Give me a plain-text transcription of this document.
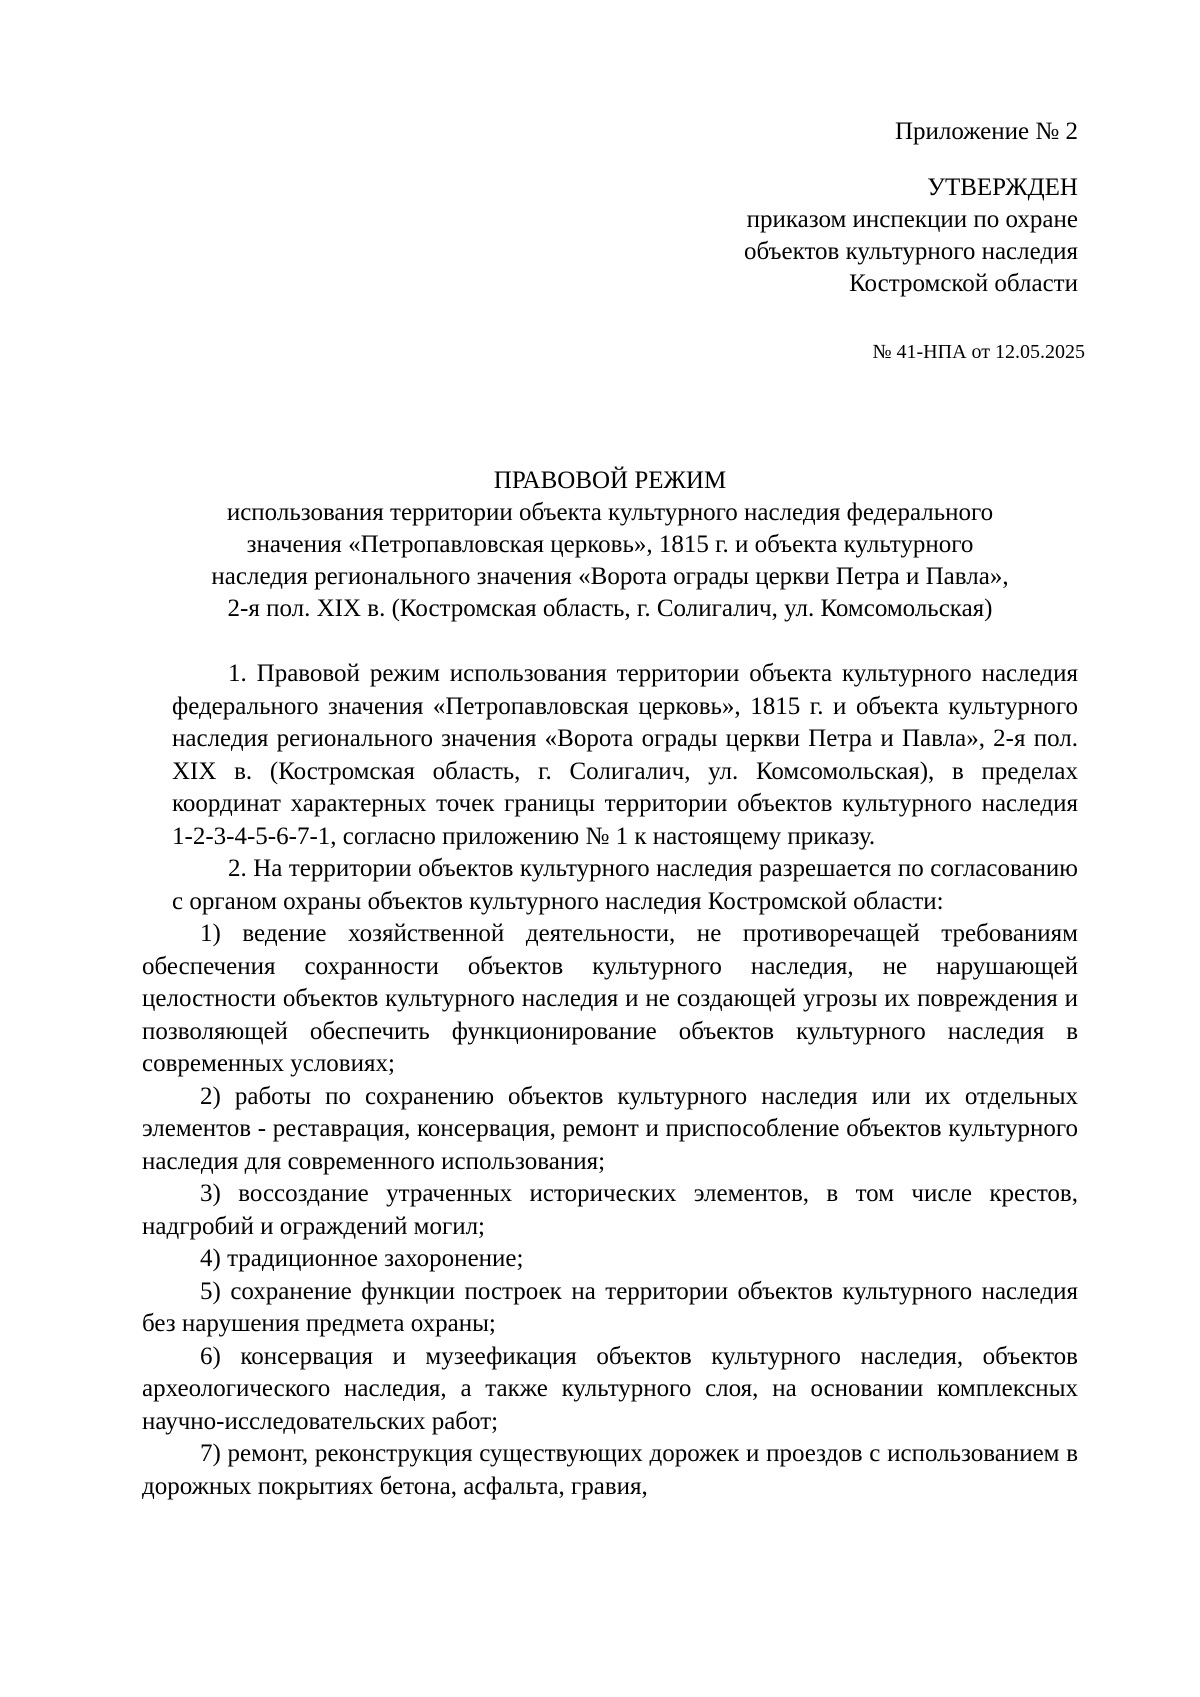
Приложение № 2
УТВЕРЖДЕН
приказом инспекции по охране
объектов культурного наследия
Костромской области
№ 41-НПА от 12.05.2025
ПРАВОВОЙ РЕЖИМ
использования территории объекта культурного наследия федерального
значения «Петропавловская церковь», 1815 г. и объекта культурного
наследия регионального значения «Ворота ограды церкви Петра и Павла»,
2-я пол. XIX в. (Костромская область, г. Солигалич, ул. Комсомольская)

1. Правовой режим использования территории объекта культурного наследия федерального значения «Петропавловская церковь», 1815 г. и объекта культурного наследия регионального значения «Ворота ограды церкви Петра и Павла», 2-я пол. XIX в. (Костромская область, г. Солигалич, ул. Комсомольская), в пределах координат характерных точек границы территории объектов культурного наследия 1-2-3-4-5-6-7-1, согласно приложению № 1 к настоящему приказу.

2. На территории объектов культурного наследия разрешается по согласованию с органом охраны объектов культурного наследия Костромской области:

1) ведение хозяйственной деятельности, не противоречащей требованиям обеспечения сохранности объектов культурного наследия, не нарушающей целостности объектов культурного наследия и не создающей угрозы их повреждения и позволяющей обеспечить функционирование объектов культурного наследия в современных условиях;

2) работы по сохранению объектов культурного наследия или их отдельных элементов - реставрация, консервация, ремонт и приспособление объектов культурного наследия для современного использования;

3) воссоздание утраченных исторических элементов, в том числе крестов, надгробий и ограждений могил;

4) традиционное захоронение;

5) сохранение функции построек на территории объектов культурного наследия без нарушения предмета охраны;

6) консервация и музеефикация объектов культурного наследия, объектов археологического наследия, а также культурного слоя, на основании комплексных научно-исследовательских работ;

7) ремонт, реконструкция существующих дорожек и проездов с использованием в дорожных покрытиях бетона, асфальта, гравия,
